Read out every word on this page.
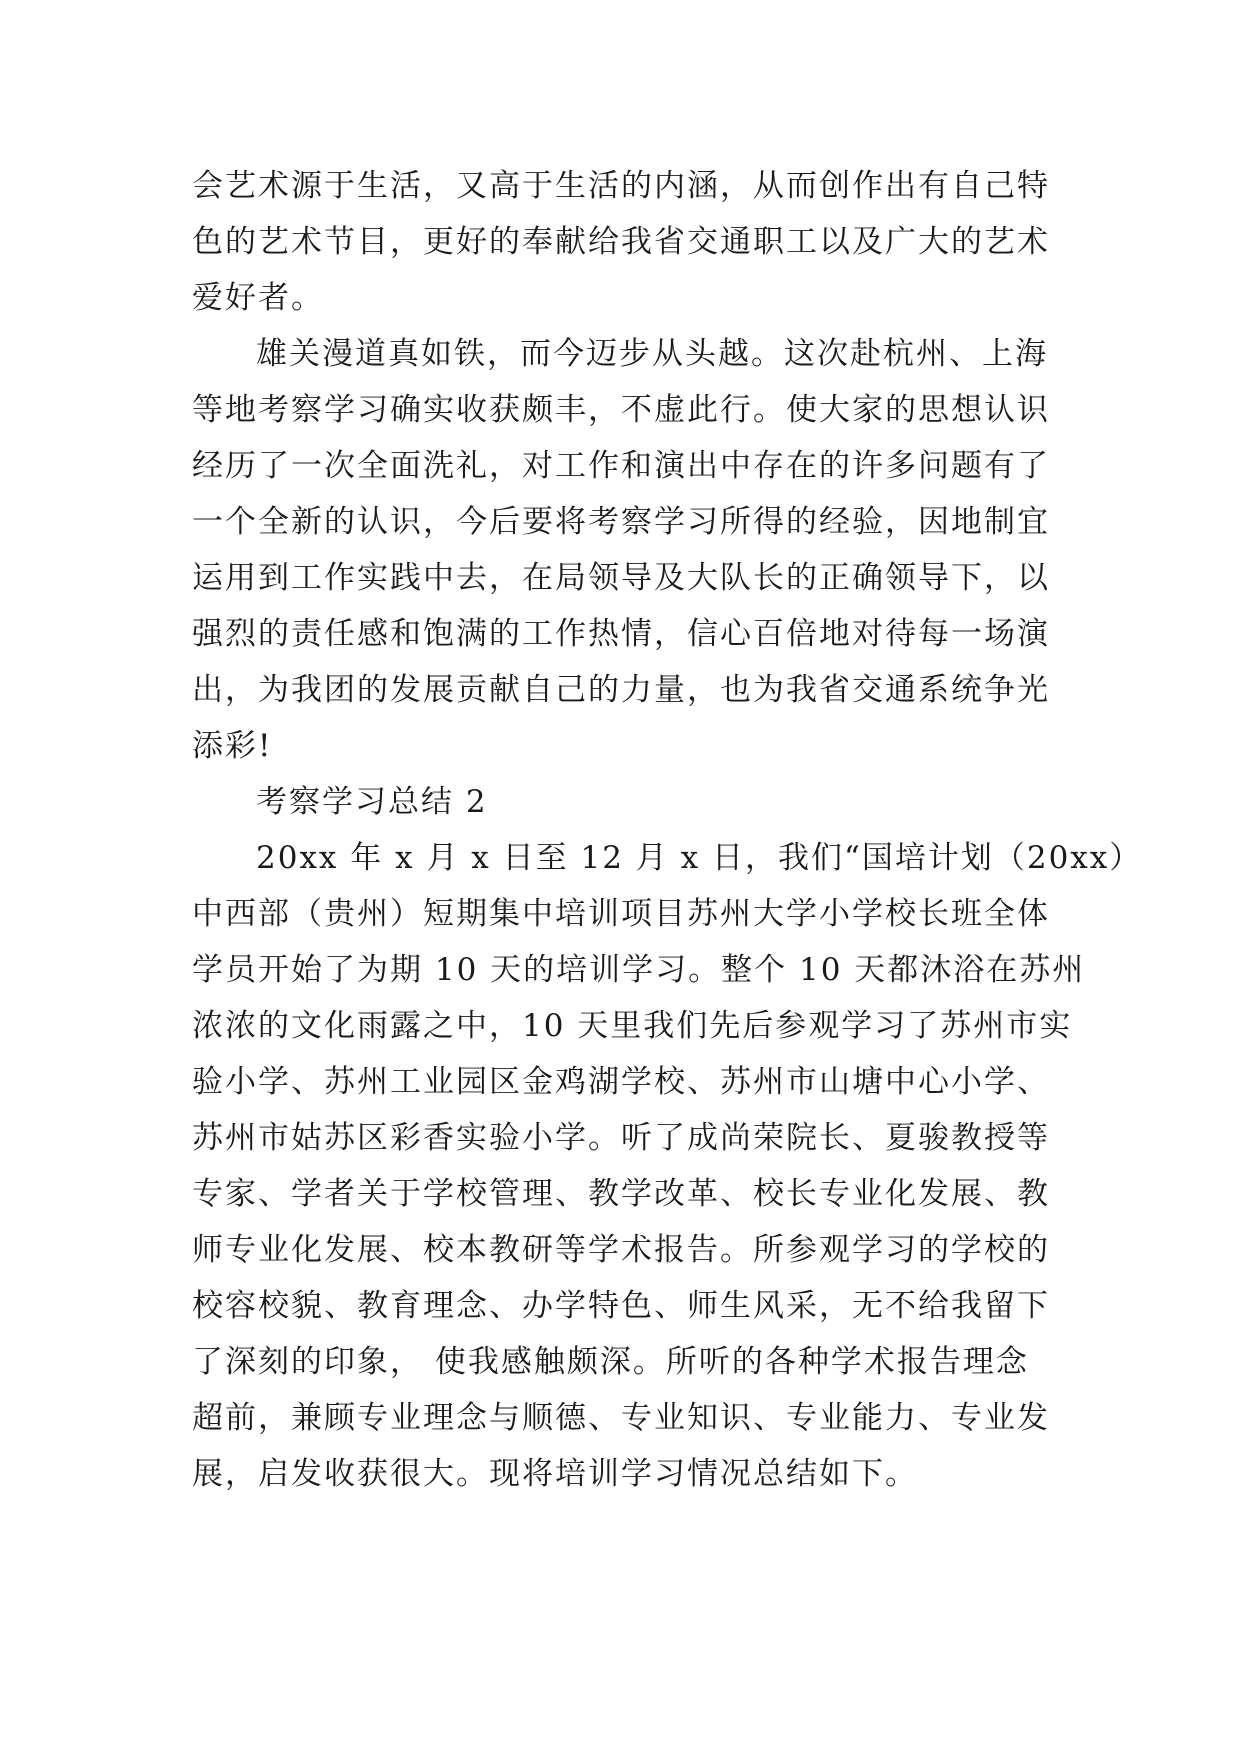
会艺术源于生活，又高于生活的内涵，从而创作出有自己特
色的艺术节目，更好的奉献给我省交通职工以及广大的艺术
爱好者。
雄关漫道真如铁，而今迈步从头越。这次赴杭州、上海
等地考察学习确实收获颇丰，不虚此行。使大家的思想认识
经历了一次全面洗礼，对工作和演出中存在的许多问题有了
一个全新的认识，今后要将考察学习所得的经验，因地制宜
运用到工作实践中去，在局领导及大队长的正确领导下，以
强烈的责任感和饱满的工作热情，信心百倍地对待每一场演
出，为我团的发展贡献自己的力量，也为我省交通系统争光
添彩!
考察学习总结 2
20xx 年 x 月 x 日至 12 月 x 日，我们“国培计划（20xx）
中西部（贵州）短期集中培训项目苏州大学小学校长班全体
学员开始了为期 10 天的培训学习。整个 10 天都沐浴在苏州
浓浓的文化雨露之中，10 天里我们先后参观学习了苏州市实
验小学、苏州工业园区金鸡湖学校、苏州市山塘中心小学、
苏州市姑苏区彩香实验小学。听了成尚荣院长、夏骏教授等
专家、学者关于学校管理、教学改革、校长专业化发展、教
师专业化发展、校本教研等学术报告。所参观学习的学校的
校容校貌、教育理念、办学特色、师生风采，无不给我留下
了深刻的印象， 使我感触颇深。所听的各种学术报告理念
超前，兼顾专业理念与顺德、专业知识、专业能力、专业发
展，启发收获很大。现将培训学习情况总结如下。
